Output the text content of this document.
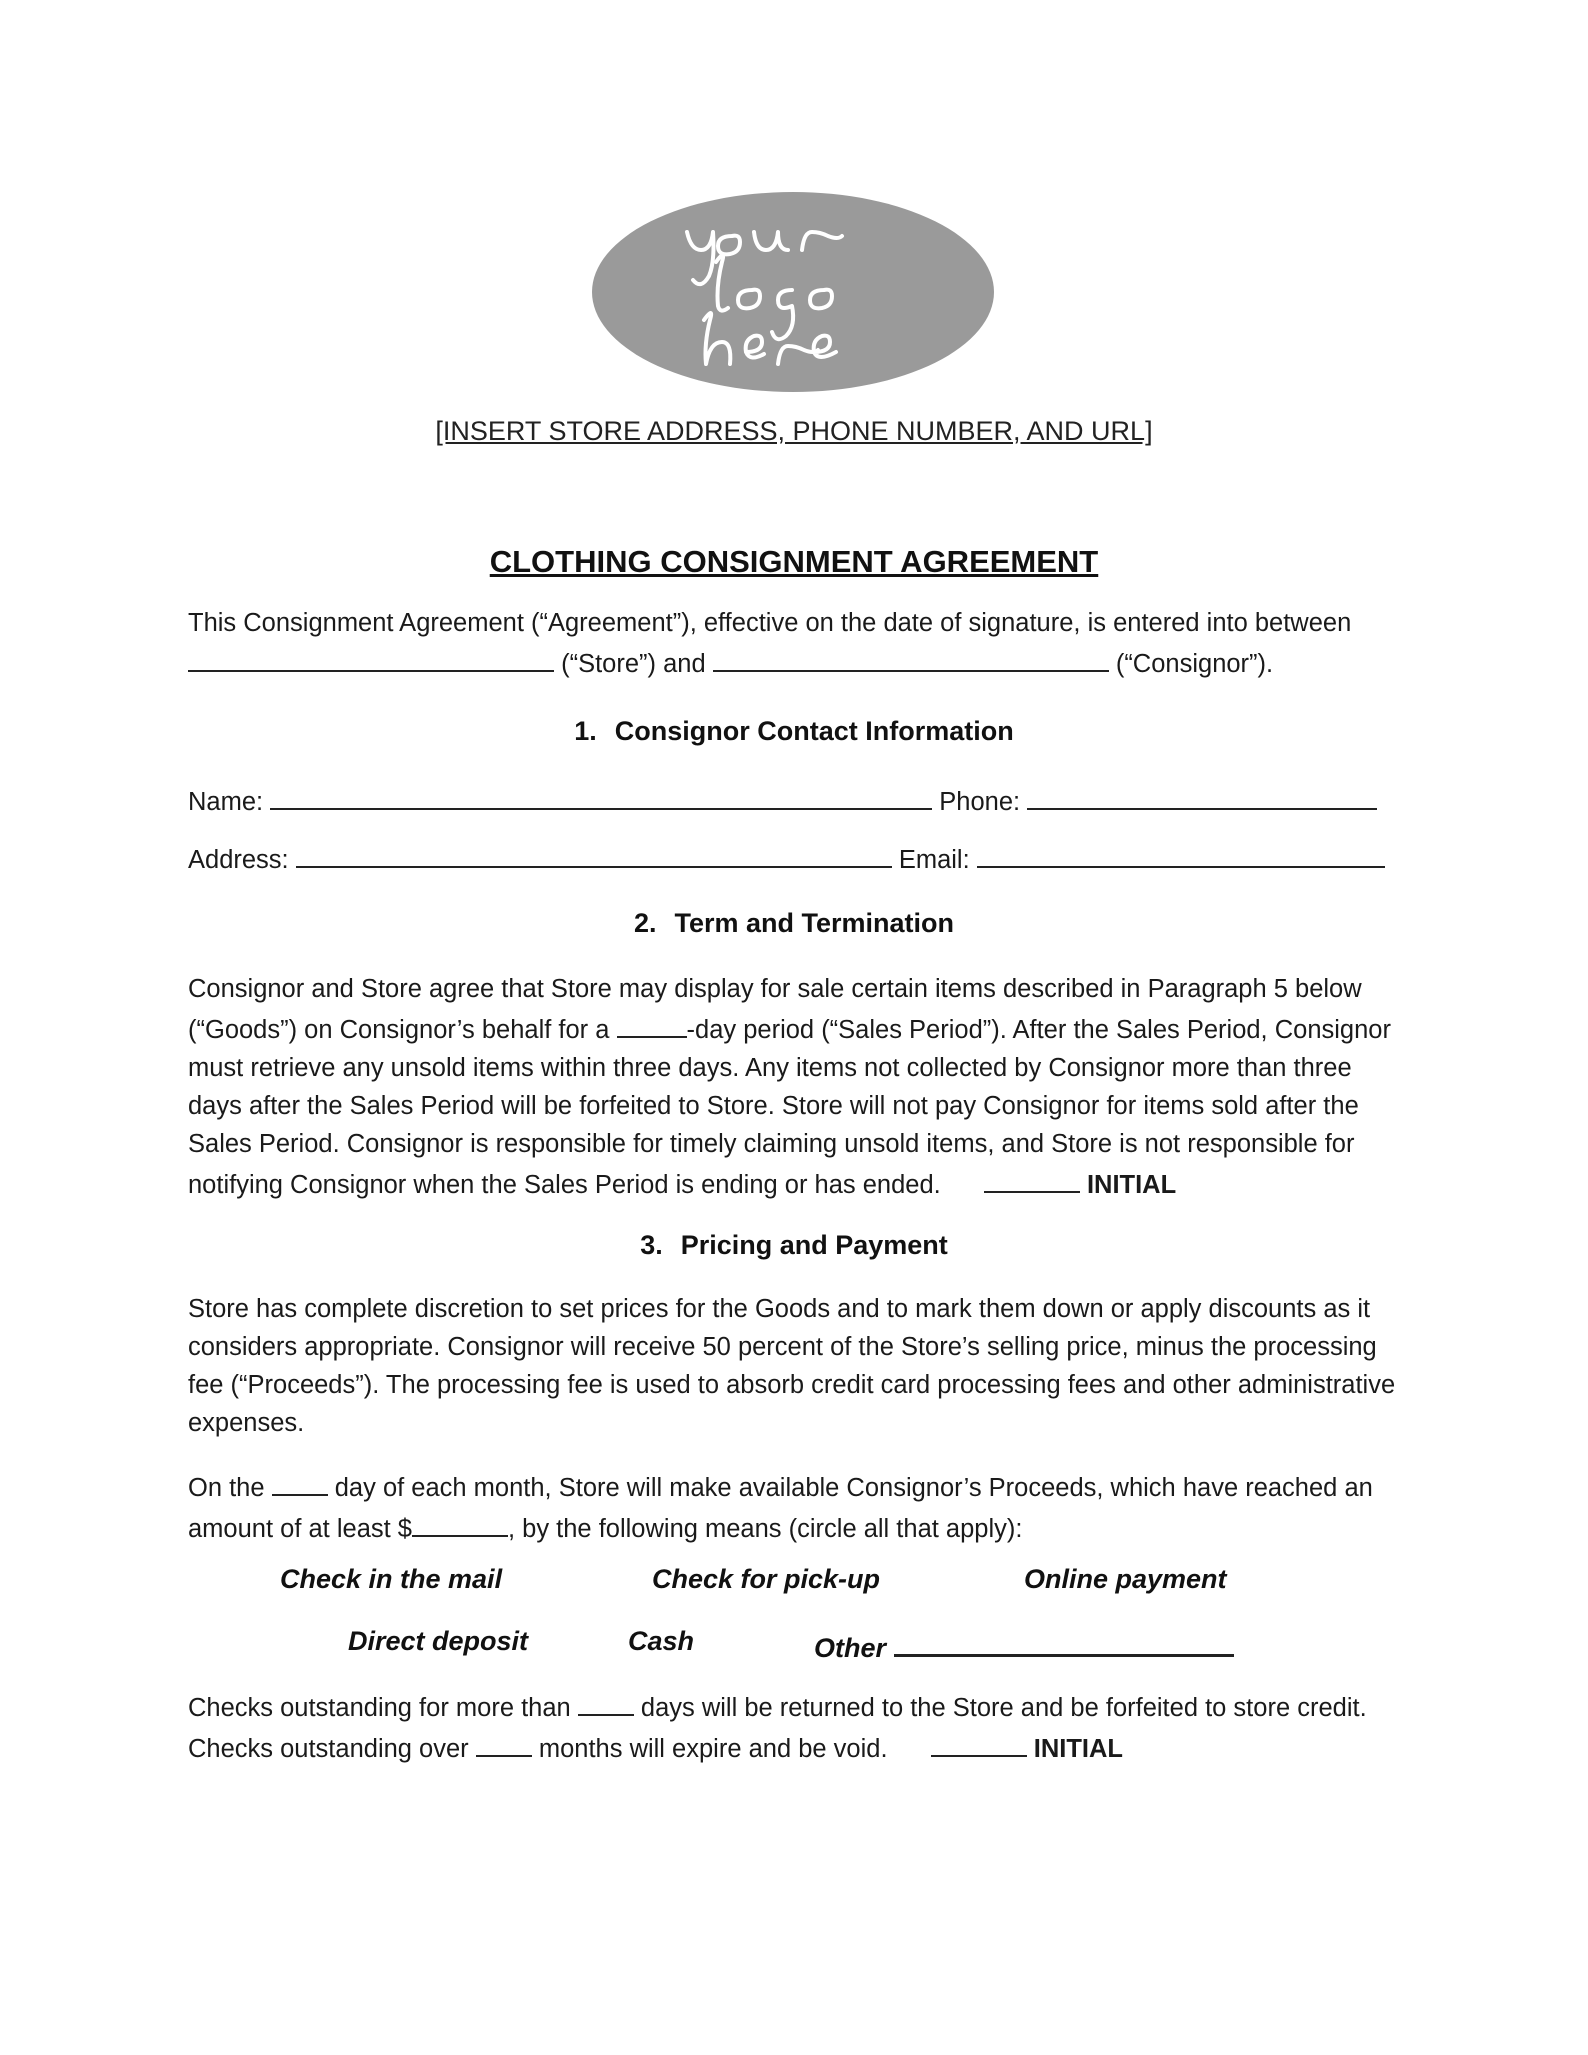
[INSERT STORE ADDRESS, PHONE NUMBER, AND URL]
CLOTHING CONSIGNMENT AGREEMENT
This Consignment Agreement (“Agreement”), effective on the date of signature, is entered into between
(“Store”) and	(“Consignor”).
1. Consignor Contact Information
Name:	Phone:
Address:	Email:
2. Term and Termination
Consignor and Store agree that Store may display for sale certain items described in Paragraph 5 below (“Goods”) on Consignor’s behalf for a	-day period (“Sales Period”). After the Sales Period, Consignor must retrieve any unsold items within three days. Any items not collected by Consignor more than three days after the Sales Period will be forfeited to Store. Store will not pay Consignor for items sold after the Sales Period. Consignor is responsible for timely claiming unsold items, and Store is not responsible for notifying Consignor when the Sales Period is ending or has ended.	INITIAL
3. Pricing and Payment
Store has complete discretion to set prices for the Goods and to mark them down or apply discounts as it considers appropriate. Consignor will receive 50 percent of the Store’s selling price, minus the processing fee (“Proceeds”). The processing fee is used to absorb credit card processing fees and other administrative expenses.
On the	day of each month, Store will make available Consignor’s Proceeds, which have reached an amount of at least $	, by the following means (circle all that apply):
Check in the mail	Check for pick-up	Online payment
Direct deposit	Cash	Other
Checks outstanding for more than	days will be returned to the Store and be forfeited to store credit. Checks outstanding over	months will expire and be void.	INITIAL
